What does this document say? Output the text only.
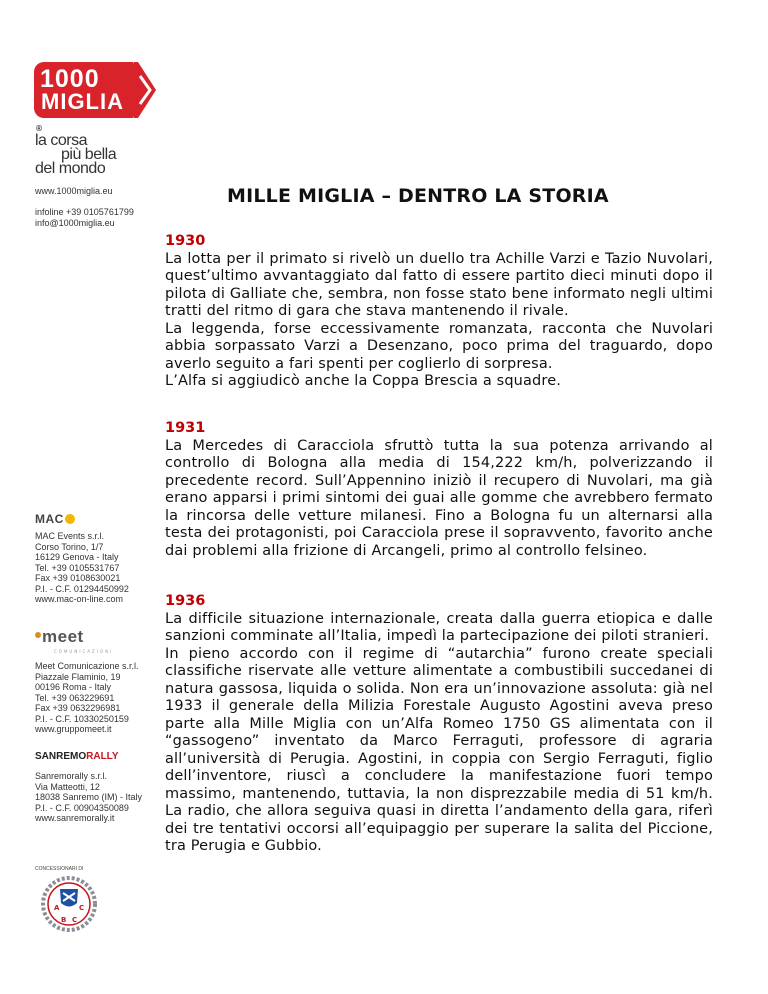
1000
MIGLIA
®
la corsa
più bella
del mondo
www.1000miglia.eu
infoline +39 0105761799
info@1000miglia.eu
MAC
MAC Events s.r.l.
Corso Torino, 1/7
16129 Genova - Italy
Tel. +39 0105531767
Fax +39 0108630021
P.I. - C.F. 01294450992
www.mac-on-line.com
meet
COMUNICAZIONI
Meet Comunicazione s.r.l.
Piazzale Flaminio, 19
00196 Roma - Italy
Tel. +39 063229691
Fax +39 0632296981
P.I. - C.F. 10330250159
www.gruppomeet.it
SANREMORALLY
Sanremorally s.r.l.
Via Matteotti, 12
18038 Sanremo (IM) - Italy
P.I. - C.F. 00904350089
www.sanremorally.it
CONCESSIONARI DI
A	C
B C
MILLE MIGLIA – DENTRO LA STORIA
1930

La lotta per il primato si rivelò un duello tra Achille Varzi e Tazio Nuvolari, quest’ultimo avvantaggiato dal fatto di essere partito dieci minuti dopo il pilota di Galliate che, sembra, non fosse stato bene informato negli ultimi tratti del ritmo di gara che stava mantenendo il rivale.

La leggenda, forse eccessivamente romanzata, racconta che Nuvolari abbia sorpassato Varzi a Desenzano, poco prima del traguardo, dopo averlo seguito a fari spenti per coglierlo di sorpresa.

L’Alfa si aggiudicò anche la Coppa Brescia a squadre.

1931

La Mercedes di Caracciola sfruttò tutta la sua potenza arrivando al controllo di Bologna alla media di 154,222 km/h, polverizzando il precedente record. Sull’Appennino iniziò il recupero di Nuvolari, ma già erano apparsi i primi sintomi dei guai alle gomme che avrebbero fermato la rincorsa delle vetture milanesi. Fino a Bologna fu un alternarsi alla testa dei protagonisti, poi Caracciola prese il sopravvento, favorito anche dai problemi alla frizione di Arcangeli, primo al controllo felsineo.

1936

La difficile situazione internazionale, creata dalla guerra etiopica e dalle sanzioni comminate all’Italia, impedì la partecipazione dei piloti stranieri.

In pieno accordo con il regime di “autarchia” furono create speciali classifiche riservate alle vetture alimentate a combustibili succedanei di natura gassosa, liquida o solida. Non era un’innovazione assoluta: già nel 1933 il generale della Milizia Forestale Augusto Agostini aveva preso parte alla Mille Miglia con un’Alfa Romeo 1750 GS alimentata con il “gassogeno” inventato da Marco Ferraguti, professore di agraria all’università di Perugia. Agostini, in coppia con Sergio Ferraguti, figlio dell’inventore, riuscì a concludere la manifestazione fuori tempo massimo, mantenendo, tuttavia, la non disprezzabile media di 51 km/h. La radio, che allora seguiva quasi in diretta l’andamento della gara, riferì dei tre tentativi occorsi all’equipaggio per superare la salita del Piccione, tra Perugia e Gubbio.
